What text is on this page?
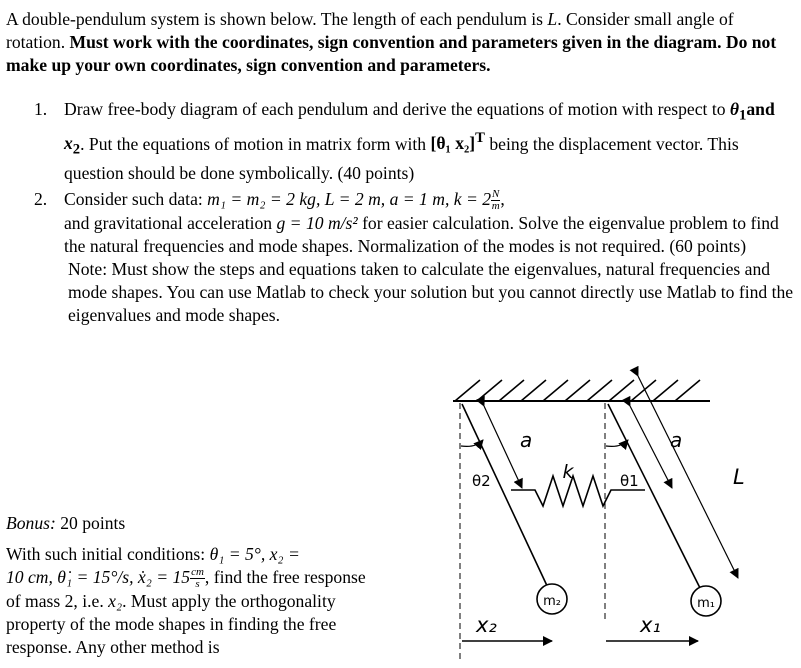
A double-pendulum system is shown below. The length of each pendulum is L. Consider small angle of rotation. Must work with the coordinates, sign convention and parameters given in the diagram. Do not make up your own coordinates, sign convention and parameters.
1. Draw free-body diagram of each pendulum and derive the equations of motion with respect to $\theta_1and$ $x_2$. Put the equations of motion in matrix form with [θ₁ x₂]$^T$ being the displacement vector. This question should be done symbolically. (40 points)
2. Consider such data: m₁ = m₂ = 2 kg, L = 2 m, a = 1 m, $k = 2 \frac{N}{m}$ ,
and gravitational acceleration g = 10 m/s² for easier calculation. Solve the eigenvalue problem to find the natural frequencies and mode shapes. Normalization of the modes is not required. (60 points)
Note: Must show the steps and equations taken to calculate the eigenvalues, natural frequencies and mode shapes. You can use Matlab to check your solution but you cannot directly use Matlab to find the eigenvalues and mode shapes.
Bonus: 20 points
With such initial conditions: θ₁ = 5°, x₂ =
10 cm, θ̇₁ = 15°/s, ẋ₂ = $15 \frac{cm}{s}$ , find the free response of mass 2, i.e. x₂. Must apply the orthogonality property of the mode shapes in finding the free response. Any other method is
m₂	m₁
k
a	a
L
θ2	θ1
x₂	x₁
